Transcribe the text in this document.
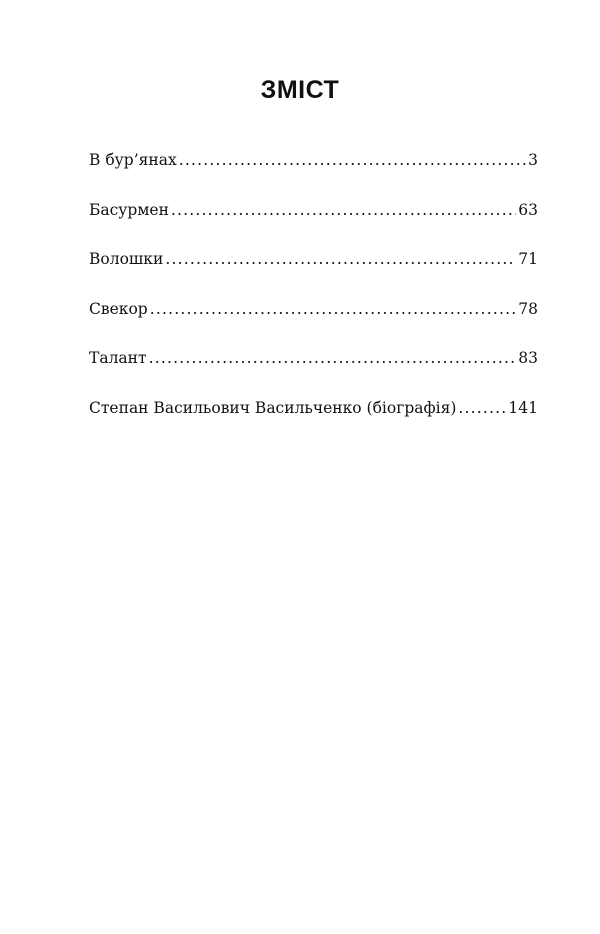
ЗМІСТ
В бур’янах .....	3
Басурмен .....	63
Волошки .....	71
Свекор .....	78
Талант .....	83
Степан Васильович Васильченко (біографія) .....	141
